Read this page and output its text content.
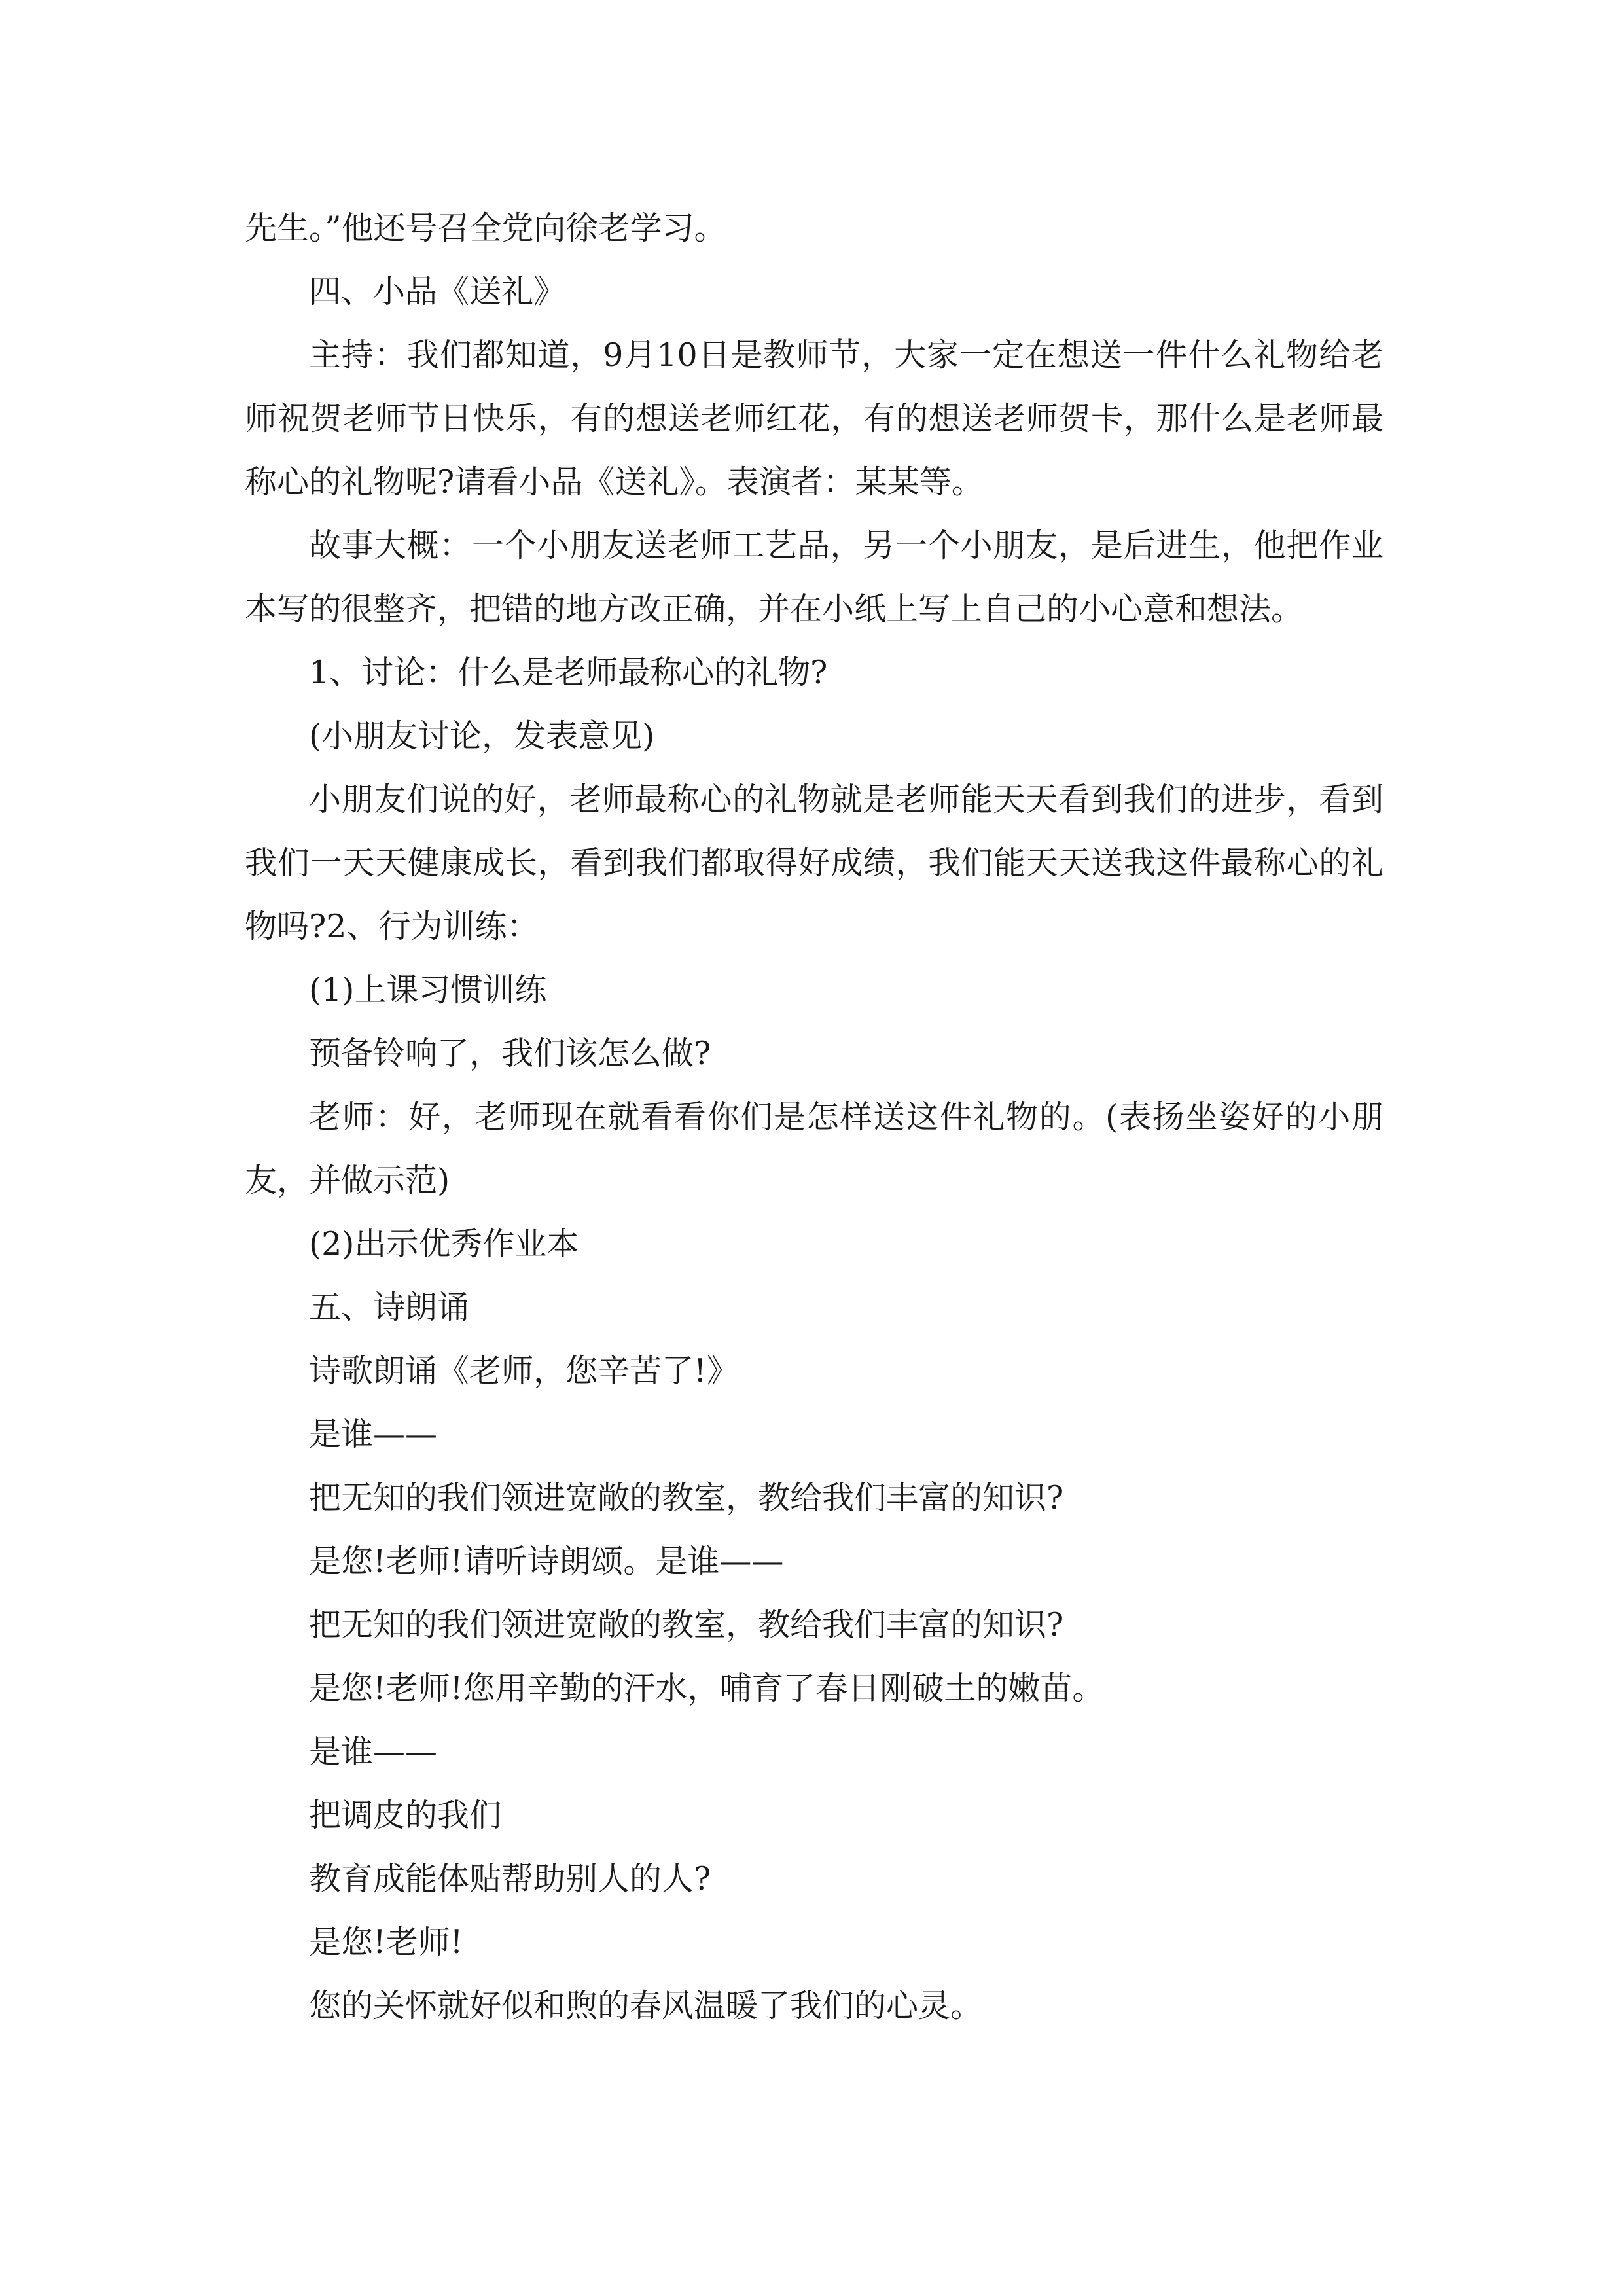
先生。”他还号召全党向徐老学习。

四、小品《送礼》

主持：我们都知道，9月10日是教师节，大家一定在想送一件什么礼物给老师祝贺老师节日快乐，有的想送老师红花，有的想送老师贺卡，那什么是老师最称心的礼物呢?请看小品《送礼》。表演者：某某等。

故事大概：一个小朋友送老师工艺品，另一个小朋友，是后进生，他把作业本写的很整齐，把错的地方改正确，并在小纸上写上自己的小心意和想法。

1、讨论：什么是老师最称心的礼物?

(小朋友讨论，发表意见)

小朋友们说的好，老师最称心的礼物就是老师能天天看到我们的进步，看到我们一天天健康成长，看到我们都取得好成绩，我们能天天送我这件最称心的礼物吗?2、行为训练：

(1)上课习惯训练

预备铃响了，我们该怎么做?

老师：好，老师现在就看看你们是怎样送这件礼物的。(表扬坐姿好的小朋友，并做示范)

(2)出示优秀作业本

五、诗朗诵

诗歌朗诵《老师，您辛苦了!》

是谁——

把无知的我们领进宽敞的教室，教给我们丰富的知识?

是您!老师!请听诗朗颂。是谁——

把无知的我们领进宽敞的教室，教给我们丰富的知识?

是您!老师!您用辛勤的汗水，哺育了春日刚破土的嫩苗。

是谁——

把调皮的我们

教育成能体贴帮助别人的人?

是您!老师!

您的关怀就好似和煦的春风温暖了我们的心灵。
